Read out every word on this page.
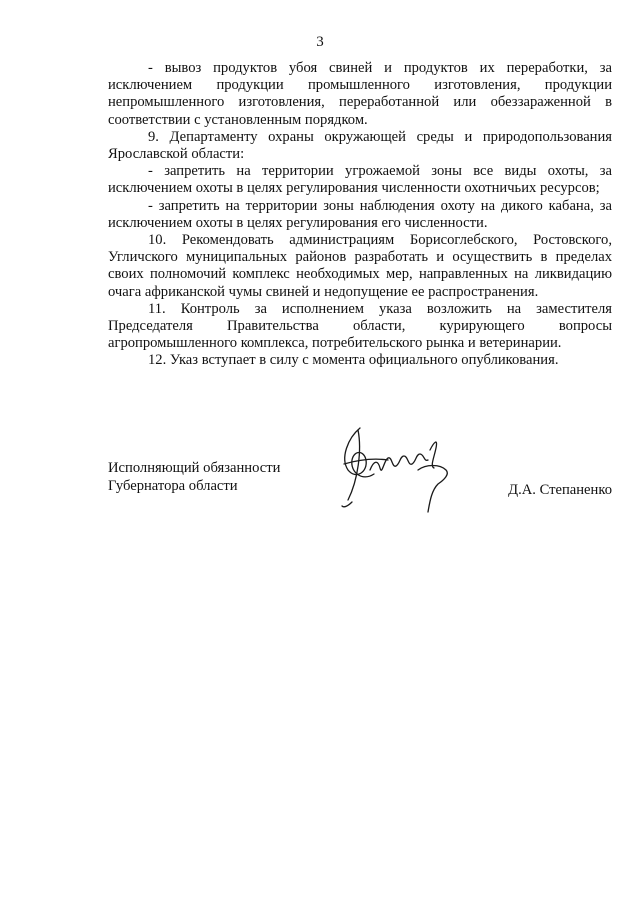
3

- вывоз продуктов убоя свиней и продуктов их переработки, за исключением продукции промышленного изготовления, продукции непромышленного изготовления, переработанной или обеззараженной в соответствии с установленным порядком.

9. Департаменту охраны окружающей среды и природопользования Ярославской области:

- запретить на территории угрожаемой зоны все виды охоты, за исключением охоты в целях регулирования численности охотничьих ресурсов;

- запретить на территории зоны наблюдения охоту на дикого кабана, за исключением охоты в целях регулирования его численности.

10. Рекомендовать администрациям Борисоглебского, Ростовского, Угличского муниципальных районов разработать и осуществить в пределах своих полномочий комплекс необходимых мер, направленных на ликвидацию очага африканской чумы свиней и недопущение ее распространения.

11. Контроль за исполнением указа возложить на заместителя Председателя Правительства области, курирующего вопросы агропромышленного комплекса, потребительского рынка и ветеринарии.

12. Указ вступает в силу с момента официального опубликования.

Исполняющий обязанности
Губернатора области	Д.А. Степаненко
